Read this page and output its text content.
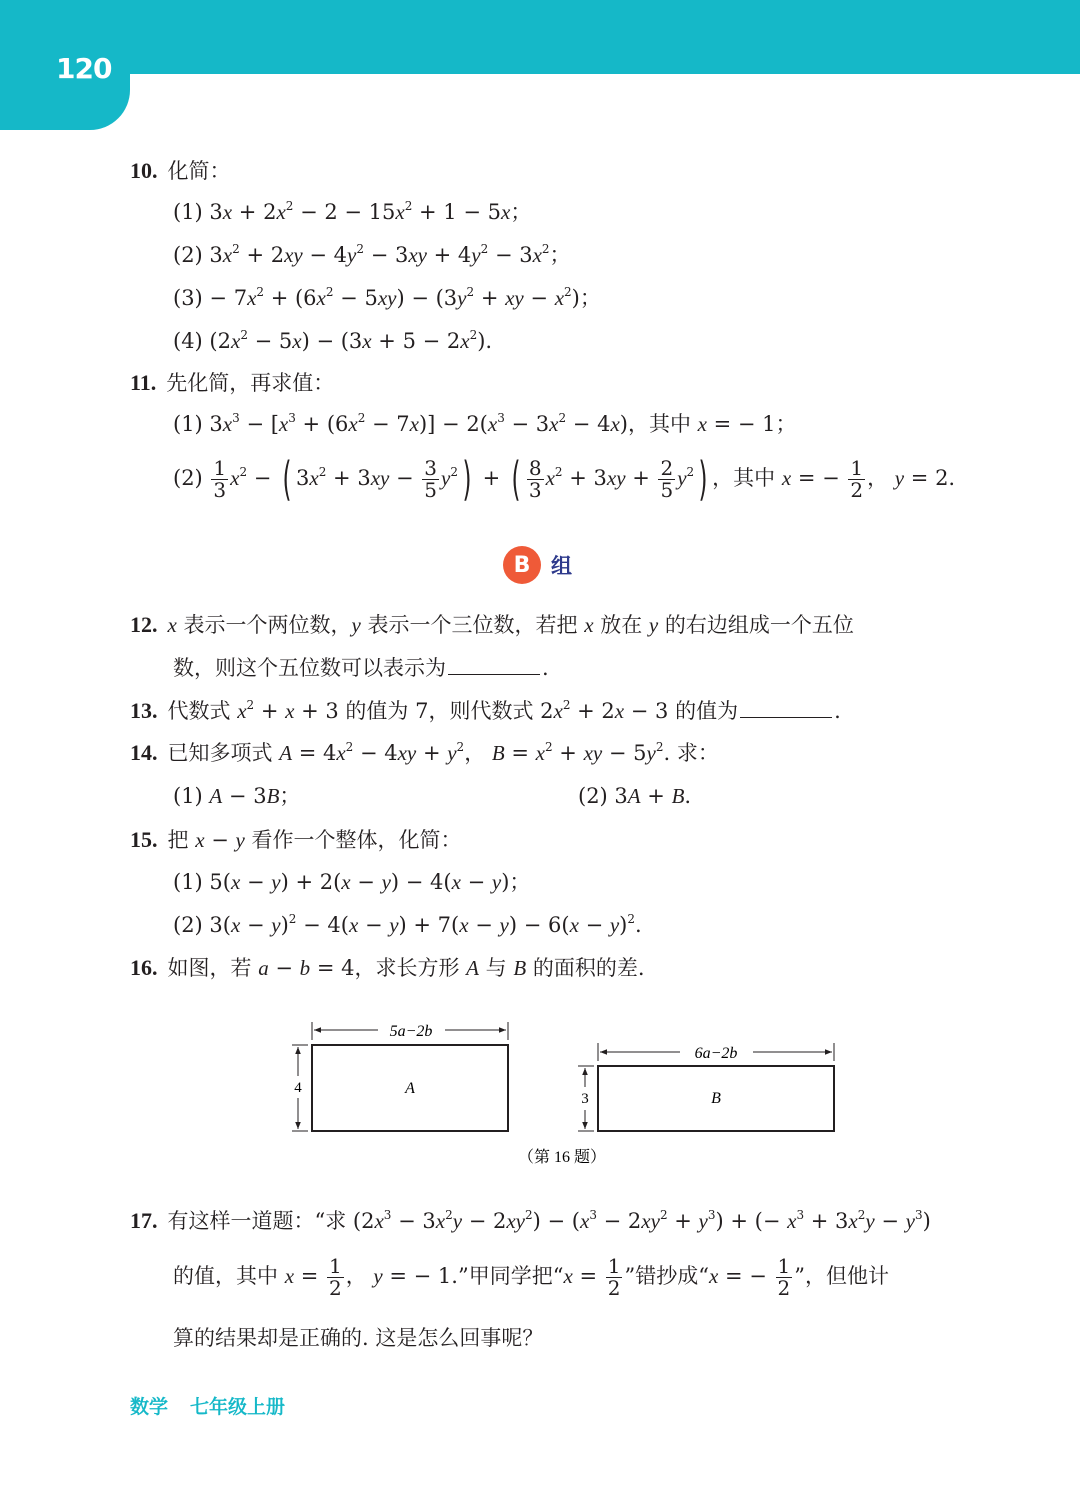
120
10. 化简：
(1) $3x + 2x^2 - 2 - 15x^2 + 1 - 5x$；
(2) $3x^2 + 2xy - 4y^2 - 3xy + 4y^2 - 3x^2$；
$(3) - 7x^2 + (6x^2 - 5xy) - (3y^2$ + xy − $x^2$)；
(4) $(2x^2 - 5x) - (3x + 5 - 2x^2)$.
11. 先化简，再求值：
(1) $3x^3 - [x^3 + (6x^2 - 7x)] - 2(x^3 - 3x^2 - 4x)$，其中 x = − 1；
$(2) \frac{1}{3} x^2$ − ( $3x^2 + 3xy - \frac{3}{5} y^2$) + ( $\frac{8}{3} x^2 + 3xy + \frac{2}{5} y^2$) ，其中 x = − $\frac{1}{2}$ ， y = 2.
B 组
12. x 表示一个两位数，y 表示一个三位数，若把 x 放在 y 的右边组成一个五位
数，则这个五位数可以表示为	.
13. 代数式 $x^2 + x + 3$ 的值为 7，则代数式 $2x^2 + 2x - 3$ 的值为	.
14. 已知多项式 $A = 4x^2 - 4xy + y^2$， $B = x^2$ + xy − $5y^2$. 求：
(1) A − 3B；	(2) 3A + B.
15. 把 x − y 看作一个整体，化简：
(1) 5(x − y) + 2(x − y) − 4(x − y)；
(2) $3(x - y)^2 - 4(x - y) + 7(x - y) - 6(x - y)^2$.
16. 如图，若 a − b = 4，求长方形 A 与 B 的面积的差.
5a−2b
4	A
6a−2b
3	B
（第 16 题）
17. 有这样一道题：“求 $(2x^3 - 3x^2y - 2xy^2) - (x^3 - 2xy^2 + y^3)$ + (− $x^3 + 3x^2y - y^3$)
的值，其中 $x = \frac{1}{2}$ ， y = − 1.”甲同学把“$x = \frac{1}{2}$ ”错抄成“x = − $\frac{1}{2}$ ”，但他计
算的结果却是正确的. 这是怎么回事呢？
数学 七年级上册
